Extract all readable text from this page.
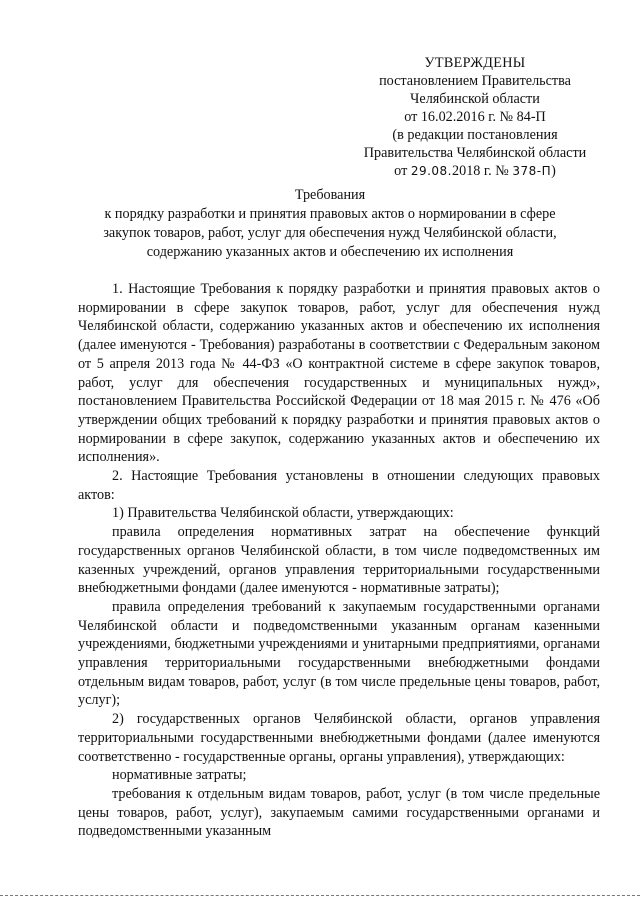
УТВЕРЖДЕНЫ
постановлением Правительства
Челябинской области
от 16.02.2016 г. № 84-П
(в редакции постановления
Правительства Челябинской области
от 29.08.2018 г. № 378-П)
Требования
к порядку разработки и принятия правовых актов о нормировании в сфере
закупок товаров, работ, услуг для обеспечения нужд Челябинской области,
содержанию указанных актов и обеспечению их исполнения

1. Настоящие Требования к порядку разработки и принятия правовых актов о нормировании в сфере закупок товаров, работ, услуг для обеспечения нужд Челябинской области, содержанию указанных актов и обеспечению их исполнения (далее именуются - Требования) разработаны в соответствии с Федеральным законом от 5 апреля 2013 года № 44-ФЗ «О контрактной системе в сфере закупок товаров, работ, услуг для обеспечения государственных и муниципальных нужд», постановлением Правительства Российской Федерации от 18 мая 2015 г. № 476 «Об утверждении общих требований к порядку разработки и принятия правовых актов о нормировании в сфере закупок, содержанию указанных актов и обеспечению их исполнения».

2. Настоящие Требования установлены в отношении следующих правовых актов:

1) Правительства Челябинской области, утверждающих:

правила определения нормативных затрат на обеспечение функций государственных органов Челябинской области, в том числе подведомственных им казенных учреждений, органов управления территориальными государственными внебюджетными фондами (далее именуются - нормативные затраты);

правила определения требований к закупаемым государственными органами Челябинской области и подведомственными указанным органам казенными учреждениями, бюджетными учреждениями и унитарными предприятиями, органами управления территориальными государственными внебюджетными фондами отдельным видам товаров, работ, услуг (в том числе предельные цены товаров, работ, услуг);

2) государственных органов Челябинской области, органов управления территориальными государственными внебюджетными фондами (далее именуются соответственно - государственные органы, органы управления), утверждающих:

нормативные затраты;

требования к отдельным видам товаров, работ, услуг (в том числе предельные цены товаров, работ, услуг), закупаемым самими государственными органами и подведомственными указанным
